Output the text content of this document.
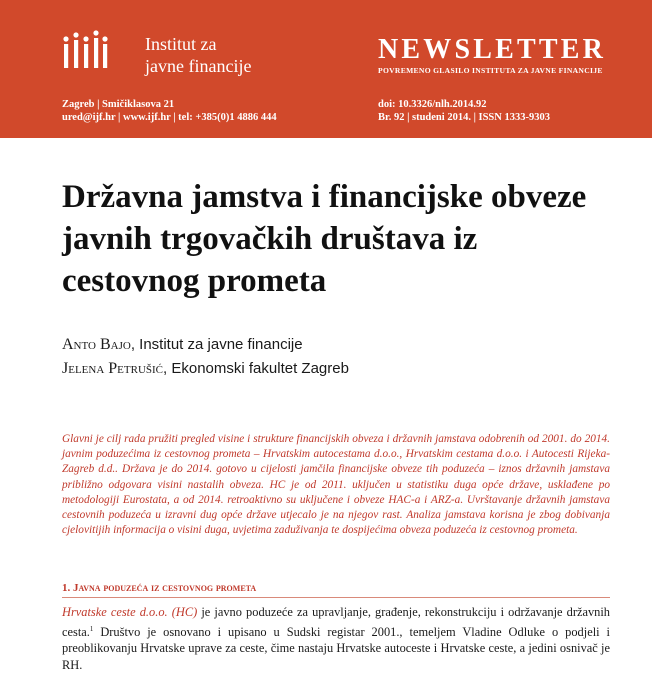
Institut za
javne financije
NEWSLETTER
POVREMENO GLASILO INSTITUTA ZA JAVNE FINANCIJE
Zagreb | Smičiklasova 21
ured@ijf.hr | www.ijf.hr | tel: +385(0)1 4886 444
doi: 10.3326/nlh.2014.92
Br. 92 | studeni 2014. | ISSN 1333-9303
Državna jamstva i financijske obveze javnih trgovačkih društava iz cestovnog prometa
Anto Bajo, Institut za javne financije
Jelena Petrušić, Ekonomski fakultet Zagreb

Glavni je cilj rada pružiti pregled visine i strukture financijskih obveza i državnih jamstava odobrenih od 2001. do 2014. javnim poduzećima iz cestovnog prometa – Hrvatskim autocestama d.o.o., Hrvatskim cestama d.o.o. i Autocesti Rijeka-Zagreb d.d.. Država je do 2014. gotovo u cijelosti jamčila financijske obveze tih poduzeća – iznos državnih jamstava približno odgovara visini nastalih obveza. HC je od 2011. uključen u statistiku duga opće države, usklađene po metodologiji Eurostata, a od 2014. retroaktivno su uključene i obveze HAC-a i ARZ-a. Uvrštavanje državnih jamstava cestovnih poduzeća u izravni dug opće države utjecalo je na njegov rast. Analiza jamstava korisna je zbog dobivanja cjelovitijih informacija o visini duga, uvjetima zaduživanja te dospijećima obveza poduzeća iz cestovnog prometa.

1. Javna poduzeća iz cestovnog prometa

Hrvatske ceste d.o.o. (HC) je javno poduzeće za upravljanje, građenje, rekonstrukciju i održavanje državnih cesta.$^1$ Društvo je osnovano i upisano u Sudski registar 2001., temeljem Vladine Odluke o podjeli i preoblikovanju Hrvatske uprave za ceste, čime nastaju Hrvatske autoceste i Hrvatske ceste, a jedini osnivač je RH.
